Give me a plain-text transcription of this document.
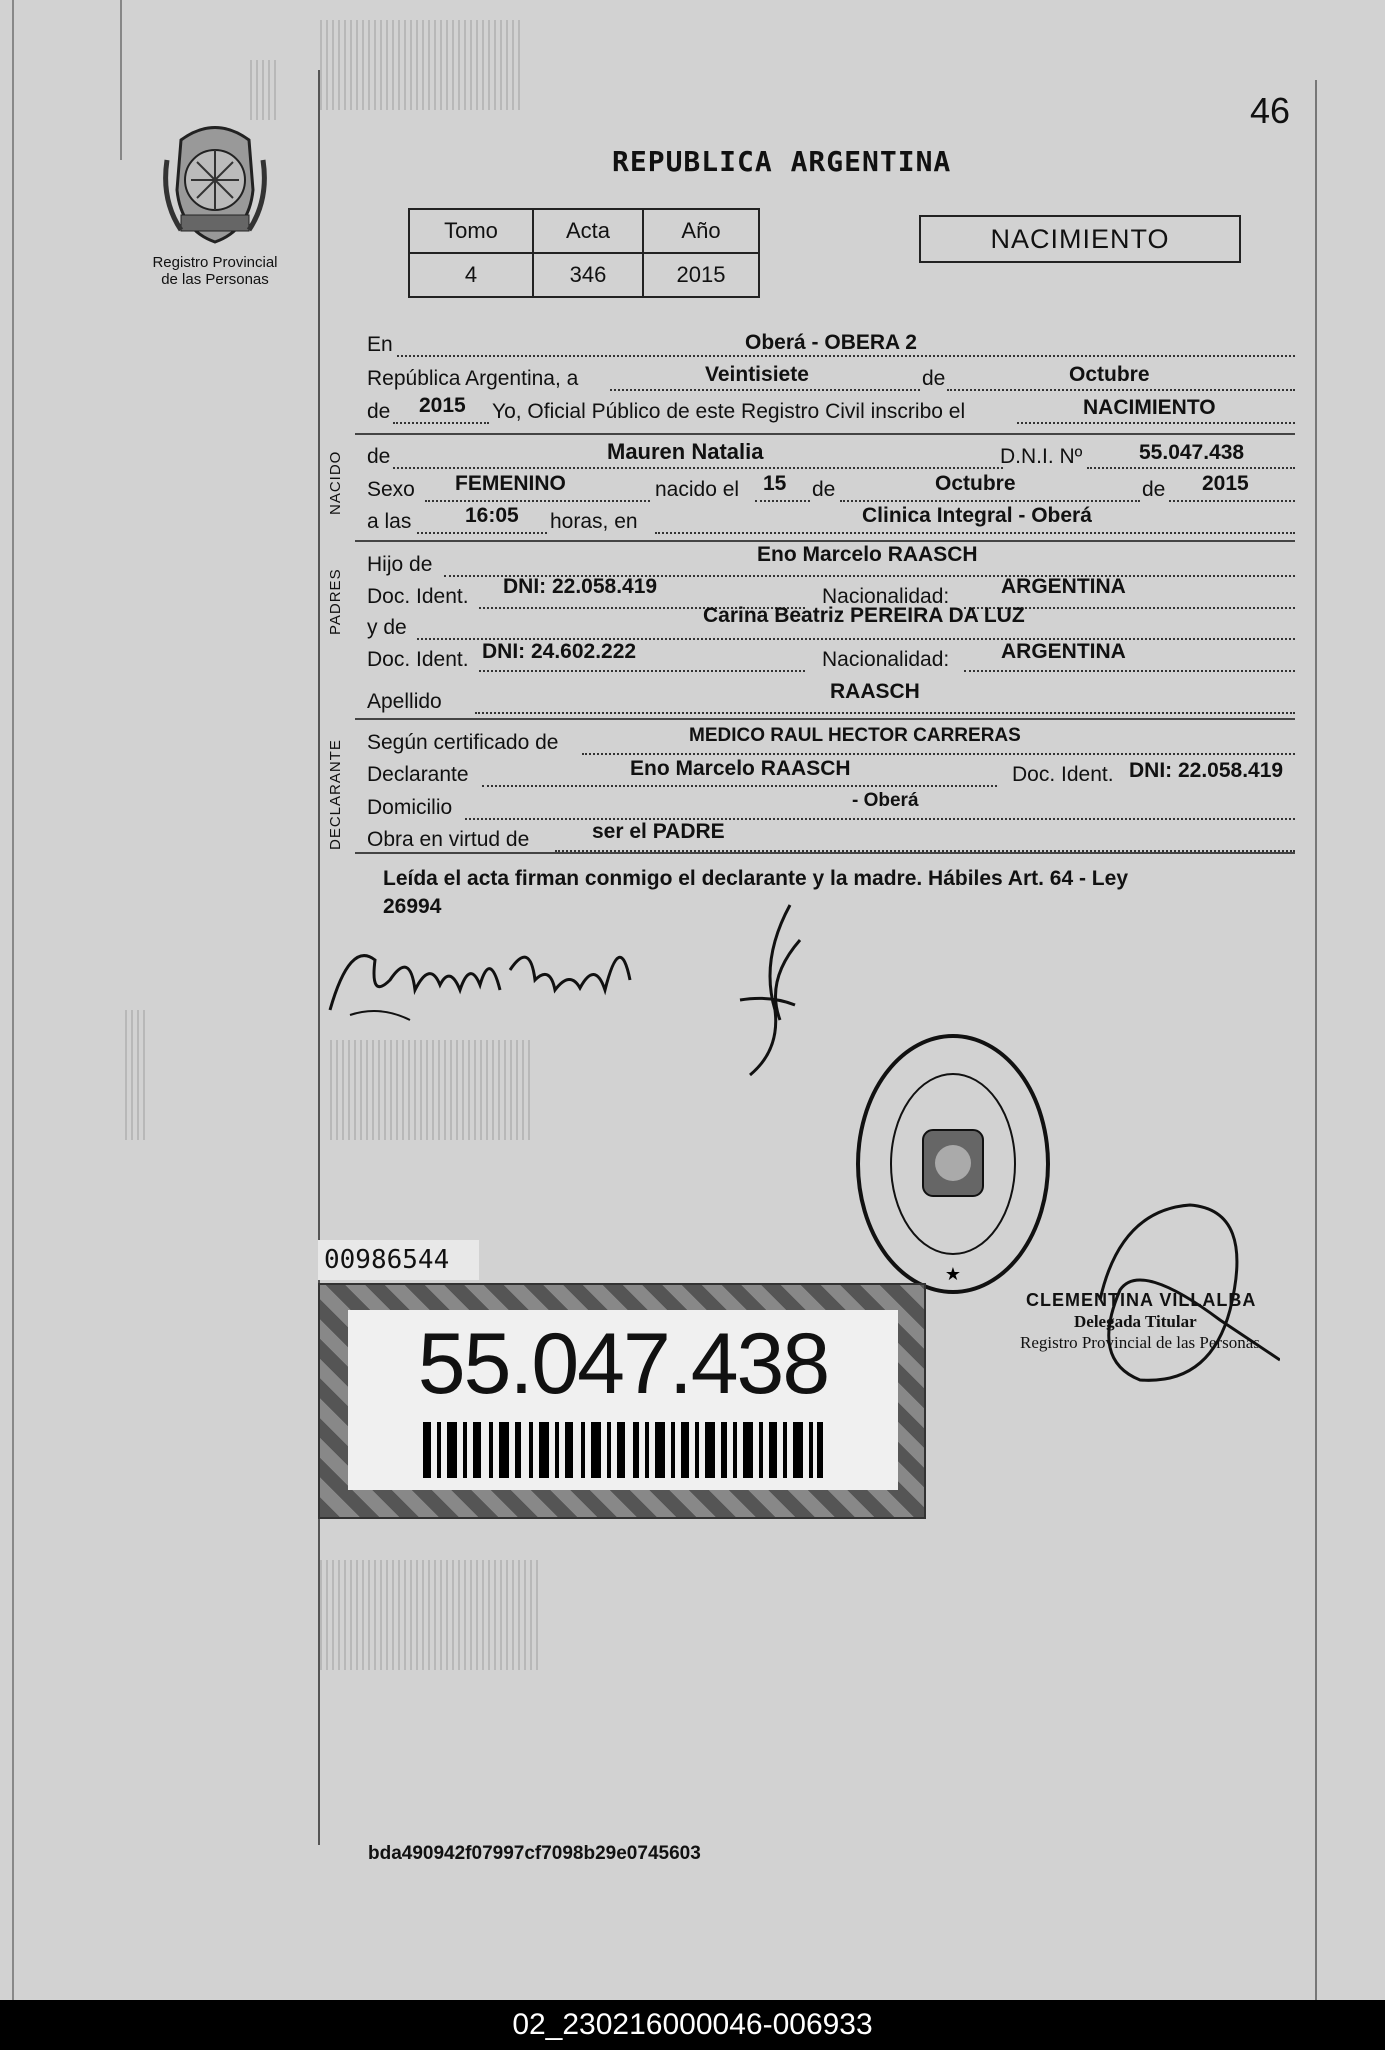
46
REPUBLICA ARGENTINA
Registro Provincial
de las Personas
Tomo	Acta	Año
4	346	2015
NACIMIENTO
En	Oberá - OBERA 2
República Argentina, a	Veintisiete	de	Octubre
de 2015 Yo, Oficial Público de este Registro Civil inscribo el	NACIMIENTO
NACIDO
PADRES
DECLARANTE
de	Mauren Natalia	D.N.I. Nº	55.047.438
Sexo FEMENINO	nacido el 15 de	Octubre	de 2015
a las	16:05 horas, en	Clinica Integral - Oberá
Hijo de	Eno Marcelo RAASCH
Doc. Ident. DNI: 22.058.419	Nacionalidad: ARGENTINA
y de
Carina Beatriz PEREIRA DA LUZ
Doc. Ident. DNI: 24.602.222	Nacionalidad: ARGENTINA
Apellido	RAASCH
Según certificado de	MEDICO RAUL HECTOR CARRERAS
Declarante	Eno Marcelo RAASCH	Doc. Ident. DNI: 22.058.419
Domicilio	- Oberá
Obra en virtud de	ser el PADRE
Leída el acta firman conmigo el declarante y la madre. Hábiles Art. 64 - Ley
26994
★
CLEMENTINA VILLALBA
Delegada Titular
Registro Provincial de las Personas
00986544
55.047.438
bda490942f07997cf7098b29e0745603
02_230216000046-006933
